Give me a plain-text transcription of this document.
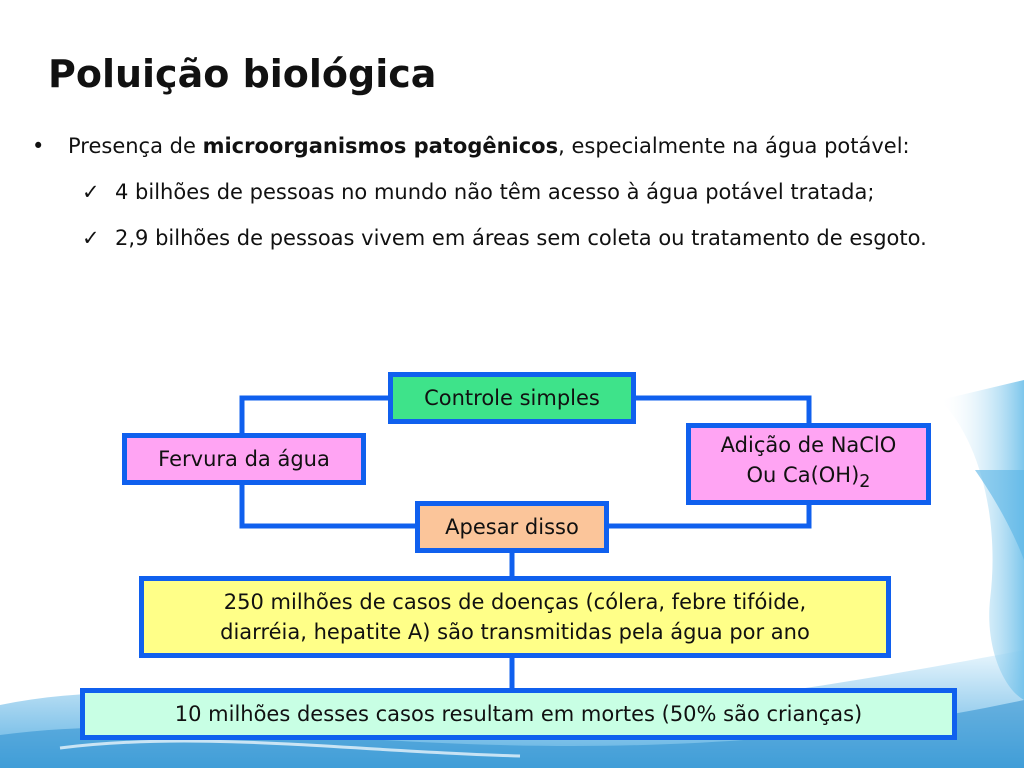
Poluição biológica
• Presença de microorganismos patogênicos, especialmente na água potável:
✓ 4 bilhões de pessoas no mundo não têm acesso à água potável tratada;
✓ 2,9 bilhões de pessoas vivem em áreas sem coleta ou tratamento de esgoto.
Controle simples
Fervura da água
Adição de NaClO
Ou $Ca(OH)_2$
Apesar disso
250 milhões de casos de doenças (cólera, febre tifóide,
diarréia, hepatite A) são transmitidas pela água por ano
10 milhões desses casos resultam em mortes (50% são crianças)
